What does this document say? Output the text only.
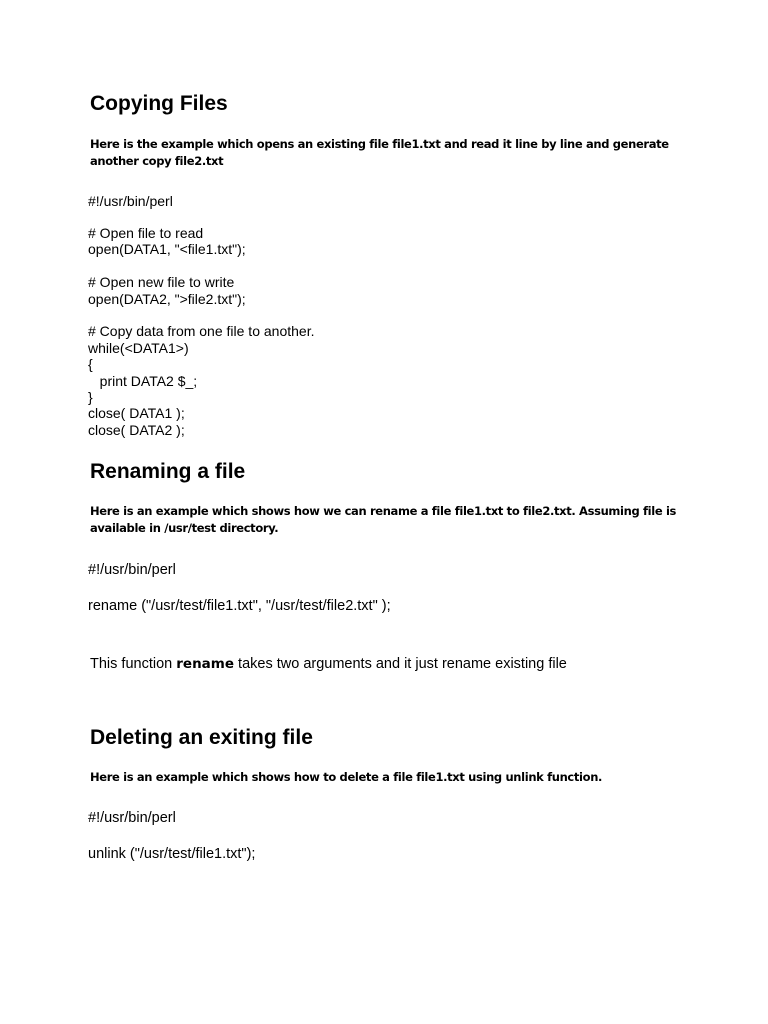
Copying Files

Here is the example which opens an existing file file1.txt and read it line by line and generate another copy file2.txt

#!/usr/bin/perl
# Open file to read
open(DATA1, "<file1.txt");
# Open new file to write
open(DATA2, ">file2.txt");
# Copy data from one file to another.
while(<DATA1>)
{
print DATA2 $_;
}
close( DATA1 );
close( DATA2 );
Renaming a file

Here is an example which shows how we can rename a file file1.txt to file2.txt. Assuming file is available in /usr/test directory.

#!/usr/bin/perl
rename ("/usr/test/file1.txt", "/usr/test/file2.txt" );

This function rename takes two arguments and it just rename existing file

Deleting an exiting file

Here is an example which shows how to delete a file file1.txt using unlink function.

#!/usr/bin/perl
unlink ("/usr/test/file1.txt");
